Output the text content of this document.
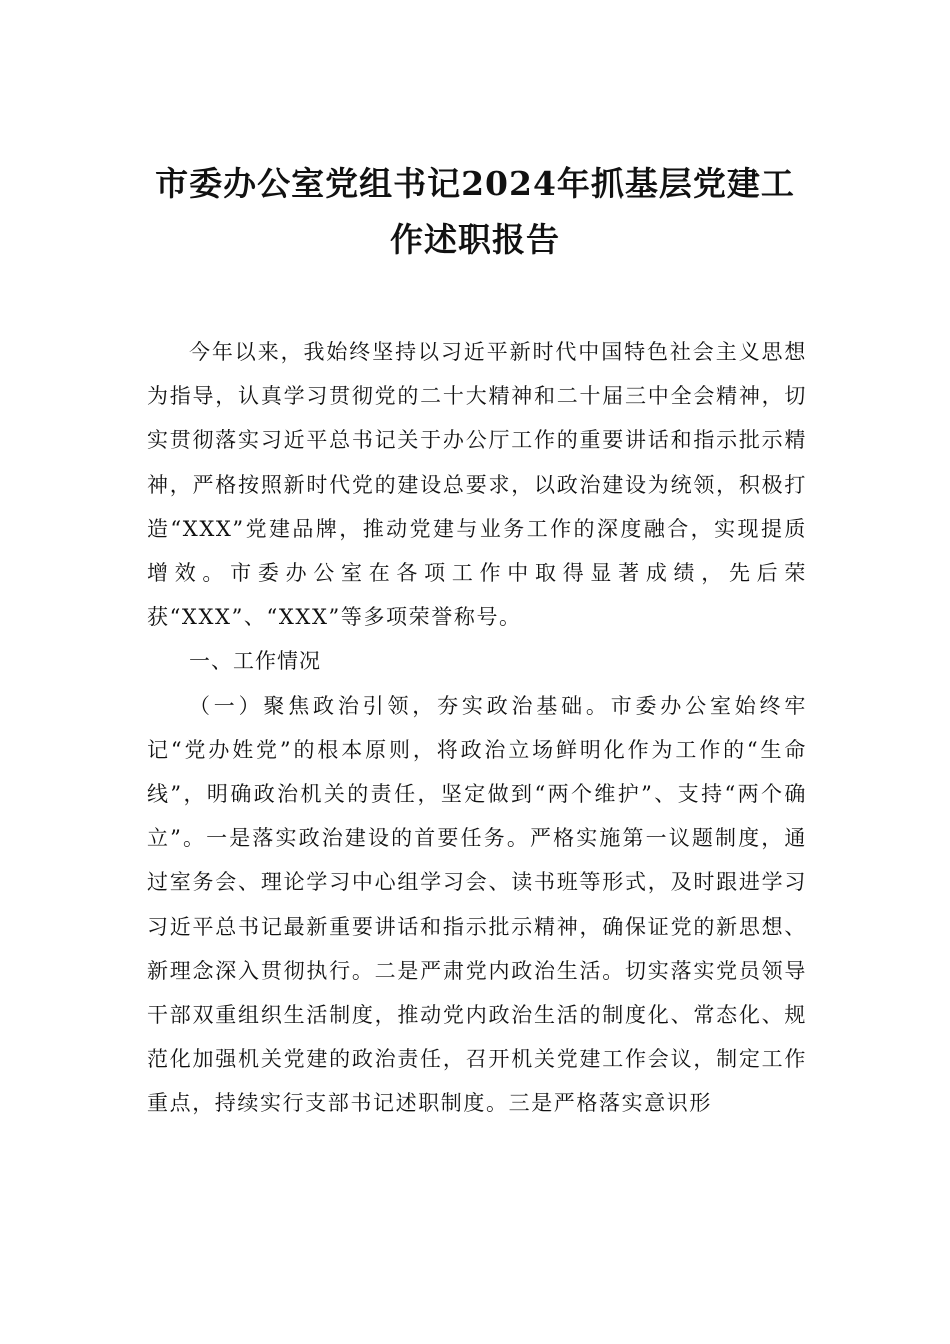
市委办公室党组书记2024年抓基层党建工
作述职报告

今年以来，我始终坚持以习近平新时代中国特色社会主义思想为指导，认真学习贯彻党的二十大精神和二十届三中全会精神，切实贯彻落实习近平总书记关于办公厅工作的重要讲话和指示批示精神，严格按照新时代党的建设总要求，以政治建设为统领，积极打造“XXX”党建品牌，推动党建与业务工作的深度融合，实现提质增效。市委办公室在各项工作中取得显著成绩，先后荣获“XXX”、“XXX”等多项荣誉称号。

一、工作情况

（一）聚焦政治引领，夯实政治基础。市委办公室始终牢记“党办姓党”的根本原则，将政治立场鲜明化作为工作的“生命线”，明确政治机关的责任，坚定做到“两个维护”、支持“两个确立”。一是落实政治建设的首要任务。严格实施第一议题制度，通过室务会、理论学习中心组学习会、读书班等形式，及时跟进学习习近平总书记最新重要讲话和指示批示精神，确保证党的新思想、新理念深入贯彻执行。二是严肃党内政治生活。切实落实党员领导干部双重组织生活制度，推动党内政治生活的制度化、常态化、规范化加强机关党建的政治责任，召开机关党建工作会议，制定工作重点，持续实行支部书记述职制度。三是严格落实意识形
